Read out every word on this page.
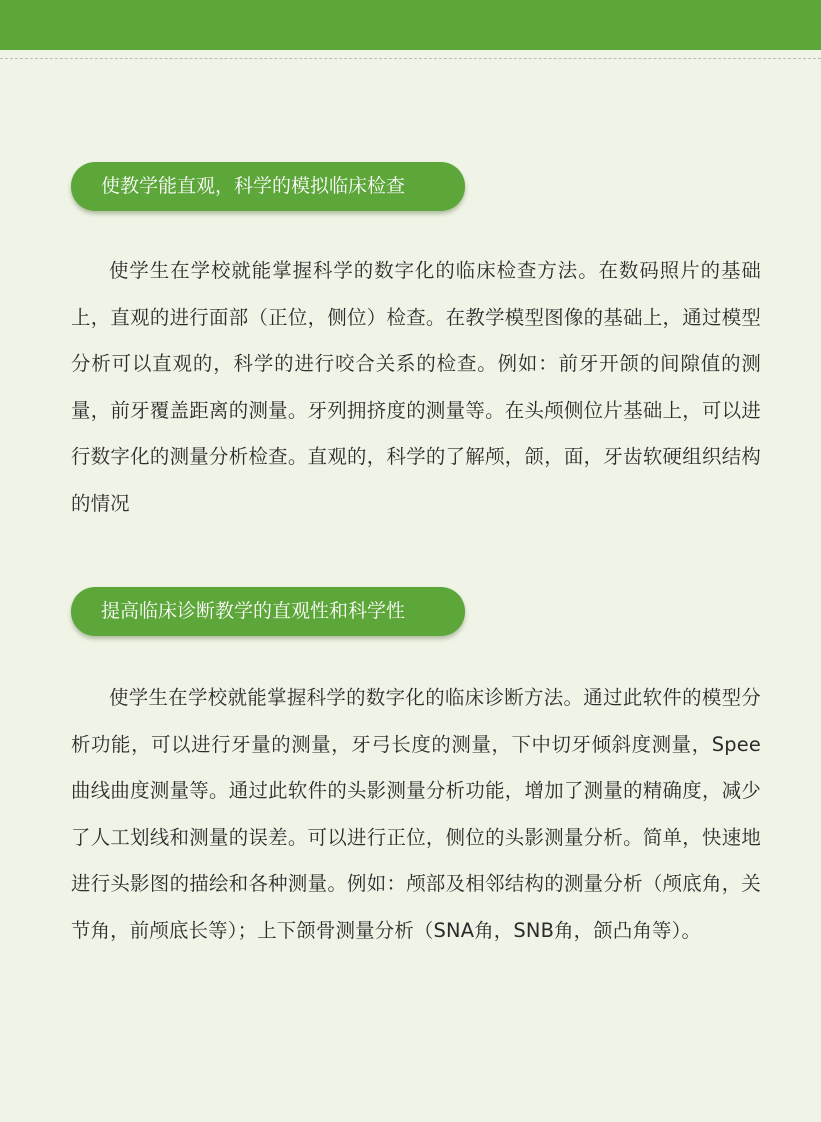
使教学能直观，科学的模拟临床检查

使学生在学校就能掌握科学的数字化的临床检查方法。在数码照片的基础上，直观的进行面部（正位，侧位）检查。在教学模型图像的基础上，通过模型分析可以直观的，科学的进行咬合关系的检查。例如：前牙开颌的间隙值的测量，前牙覆盖距离的测量。牙列拥挤度的测量等。在头颅侧位片基础上，可以进行数字化的测量分析检查。直观的，科学的了解颅，颌，面，牙齿软硬组织结构的情况

提高临床诊断教学的直观性和科学性

使学生在学校就能掌握科学的数字化的临床诊断方法。通过此软件的模型分析功能，可以进行牙量的测量，牙弓长度的测量，下中切牙倾斜度测量，Spee曲线曲度测量等。通过此软件的头影测量分析功能，增加了测量的精确度，减少了人工划线和测量的误差。可以进行正位，侧位的头影测量分析。简单，快速地进行头影图的描绘和各种测量。例如：颅部及相邻结构的测量分析（颅底角，关节角，前颅底长等）；上下颌骨测量分析（SNA角，SNB角，颌凸角等）。
